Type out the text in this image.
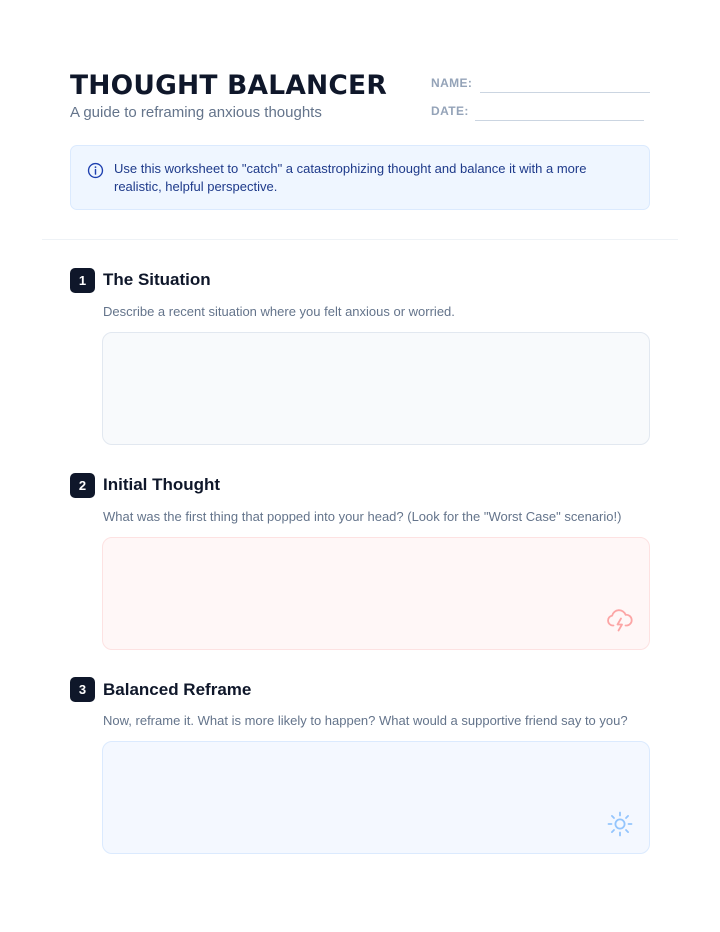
THOUGHT BALANCER
A guide to reframing anxious thoughts
NAME:
DATE:
Use this worksheet to "catch" a catastrophizing thought and balance it with a more realistic, helpful perspective.
1 The Situation
Describe a recent situation where you felt anxious or worried.
2 Initial Thought
What was the first thing that popped into your head? (Look for the "Worst Case" scenario!)
3 Balanced Reframe
Now, reframe it. What is more likely to happen? What would a supportive friend say to you?
